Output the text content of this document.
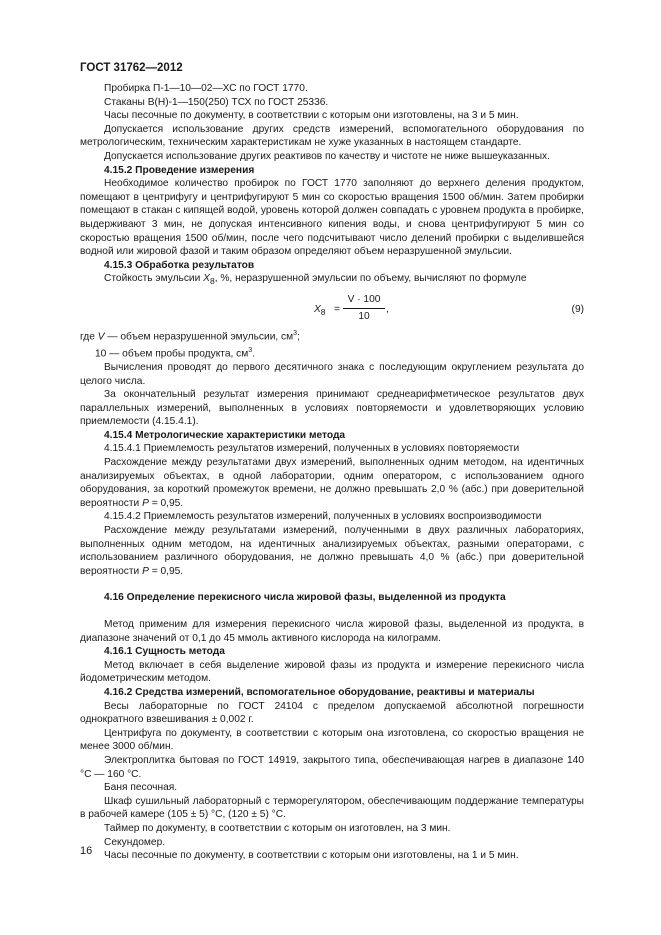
ГОСТ 31762—2012

Пробирка П-1—10—02—ХС по ГОСТ 1770.

Стаканы В(Н)-1—150(250) ТСХ по ГОСТ 25336.

Часы песочные по документу, в соответствии с которым они изготовлены, на 3 и 5 мин.

Допускается использование других средств измерений, вспомогательного оборудования по метрологическим, техническим характеристикам не хуже указанных в настоящем стандарте.

Допускается использование других реактивов по качеству и чистоте не ниже вышеуказанных.

4.15.2 Проведение измерения

Необходимое количество пробирок по ГОСТ 1770 заполняют до верхнего деления продуктом, помещают в центрифугу и центрифугируют 5 мин со скоростью вращения 1500 об/мин. Затем пробирки помещают в стакан с кипящей водой, уровень которой должен совпадать с уровнем продукта в пробирке, выдерживают 3 мин, не допуская интенсивного кипения воды, и снова центрифугируют 5 мин со скоростью вращения 1500 об/мин, после чего подсчитывают число делений пробирки с выделившейся водной или жировой фазой и таким образом определяют объем неразрушенной эмульсии.

4.15.3 Обработка результатов

Стойкость эмульсии $X_8$, %, неразрушенной эмульсии по объему, вычисляют по формуле

$X_8$ =
V · 100
10
,	(9)

где V — объем неразрушенной эмульсии, $см^3$;

10 — объем пробы продукта, $см^3$.

Вычисления проводят до первого десятичного знака с последующим округлением результата до целого числа.

За окончательный результат измерения принимают среднеарифметическое результатов двух параллельных измерений, выполненных в условиях повторяемости и удовлетворяющих условию приемлемости (4.15.4.1).

4.15.4 Метрологические характеристики метода

4.15.4.1 Приемлемость результатов измерений, полученных в условиях повторяемости

Расхождение между результатами двух измерений, выполненных одним методом, на идентичных анализируемых объектах, в одной лаборатории, одним оператором, с использованием одного оборудования, за короткий промежуток времени, не должно превышать 2,0 % (абс.) при доверительной вероятности P = 0,95.

4.15.4.2 Приемлемость результатов измерений, полученных в условиях воспроизводимости

Расхождение между результатами измерений, полученными в двух различных лабораториях, выполненных одним методом, на идентичных анализируемых объектах, разными операторами, с использованием различного оборудования, не должно превышать 4,0 % (абс.) при доверительной вероятности P = 0,95.

4.16 Определение перекисного числа жировой фазы, выделенной из продукта

Метод применим для измерения перекисного числа жировой фазы, выделенной из продукта, в диапазоне значений от 0,1 до 45 ммоль активного кислорода на килограмм.

4.16.1 Сущность метода

Метод включает в себя выделение жировой фазы из продукта и измерение перекисного числа йодометрическим методом.

4.16.2 Средства измерений, вспомогательное оборудование, реактивы и материалы

Весы лабораторные по ГОСТ 24104 с пределом допускаемой абсолютной погрешности однократного взвешивания ± 0,002 г.

Центрифуга по документу, в соответствии с которым она изготовлена, со скоростью вращения не менее 3000 об/мин.

Электроплитка бытовая по ГОСТ 14919, закрытого типа, обеспечивающая нагрев в диапазоне 140 °С — 160 °С.

Баня песочная.

Шкаф сушильный лабораторный с терморегулятором, обеспечивающим поддержание температуры в рабочей камере (105 ± 5) °С, (120 ± 5) °С.

Таймер по документу, в соответствии с которым он изготовлен, на 3 мин.

Секундомер.

Часы песочные по документу, в соответствии с которым они изготовлены, на 1 и 5 мин.

16
